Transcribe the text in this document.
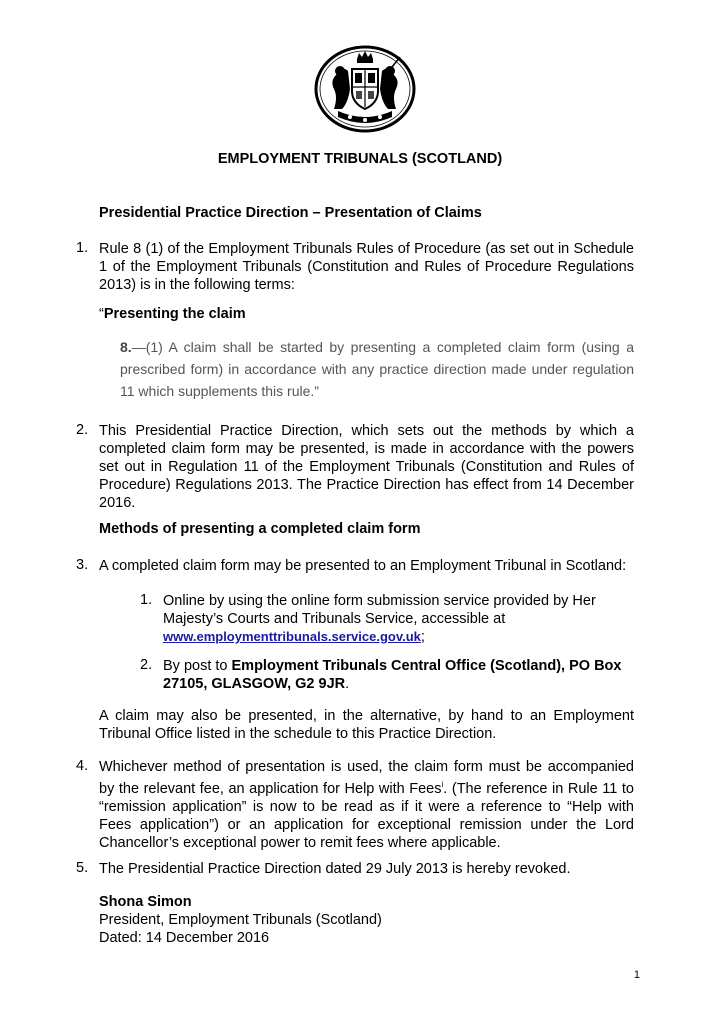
EMPLOYMENT TRIBUNALS (SCOTLAND)
Presidential Practice Direction – Presentation of Claims
1. Rule 8 (1) of the Employment Tribunals Rules of Procedure (as set out in Schedule 1 of the Employment Tribunals (Constitution and Rules of Procedure Regulations 2013) is in the following terms:
“Presenting the claim
8.—(1) A claim shall be started by presenting a completed claim form (using a prescribed form) in accordance with any practice direction made under regulation 11 which supplements this rule.”
2. This Presidential Practice Direction, which sets out the methods by which a completed claim form may be presented, is made in accordance with the powers set out in Regulation 11 of the Employment Tribunals (Constitution and Rules of Procedure) Regulations 2013. The Practice Direction has effect from 14 December 2016.
Methods of presenting a completed claim form
3. A completed claim form may be presented to an Employment Tribunal in Scotland:
1. Online by using the online form submission service provided by Her Majesty’s Courts and Tribunals Service, accessible at
www.employmenttribunals.service.gov.uk;
2. By post to Employment Tribunals Central Office (Scotland), PO Box 27105, GLASGOW, G2 9JR.
A claim may also be presented, in the alternative, by hand to an Employment Tribunal Office listed in the schedule to this Practice Direction.
4. Whichever method of presentation is used, the claim form must be accompanied by the relevant fee, an application for Help with Fees$^i$. (The reference in Rule 11 to “remission application” is now to be read as if it were a reference to “Help with Fees application”) or an application for exceptional remission under the Lord Chancellor’s exceptional power to remit fees where applicable.
5. The Presidential Practice Direction dated 29 July 2013 is hereby revoked.
Shona Simon
President, Employment Tribunals (Scotland)
Dated: 14 December 2016
1
